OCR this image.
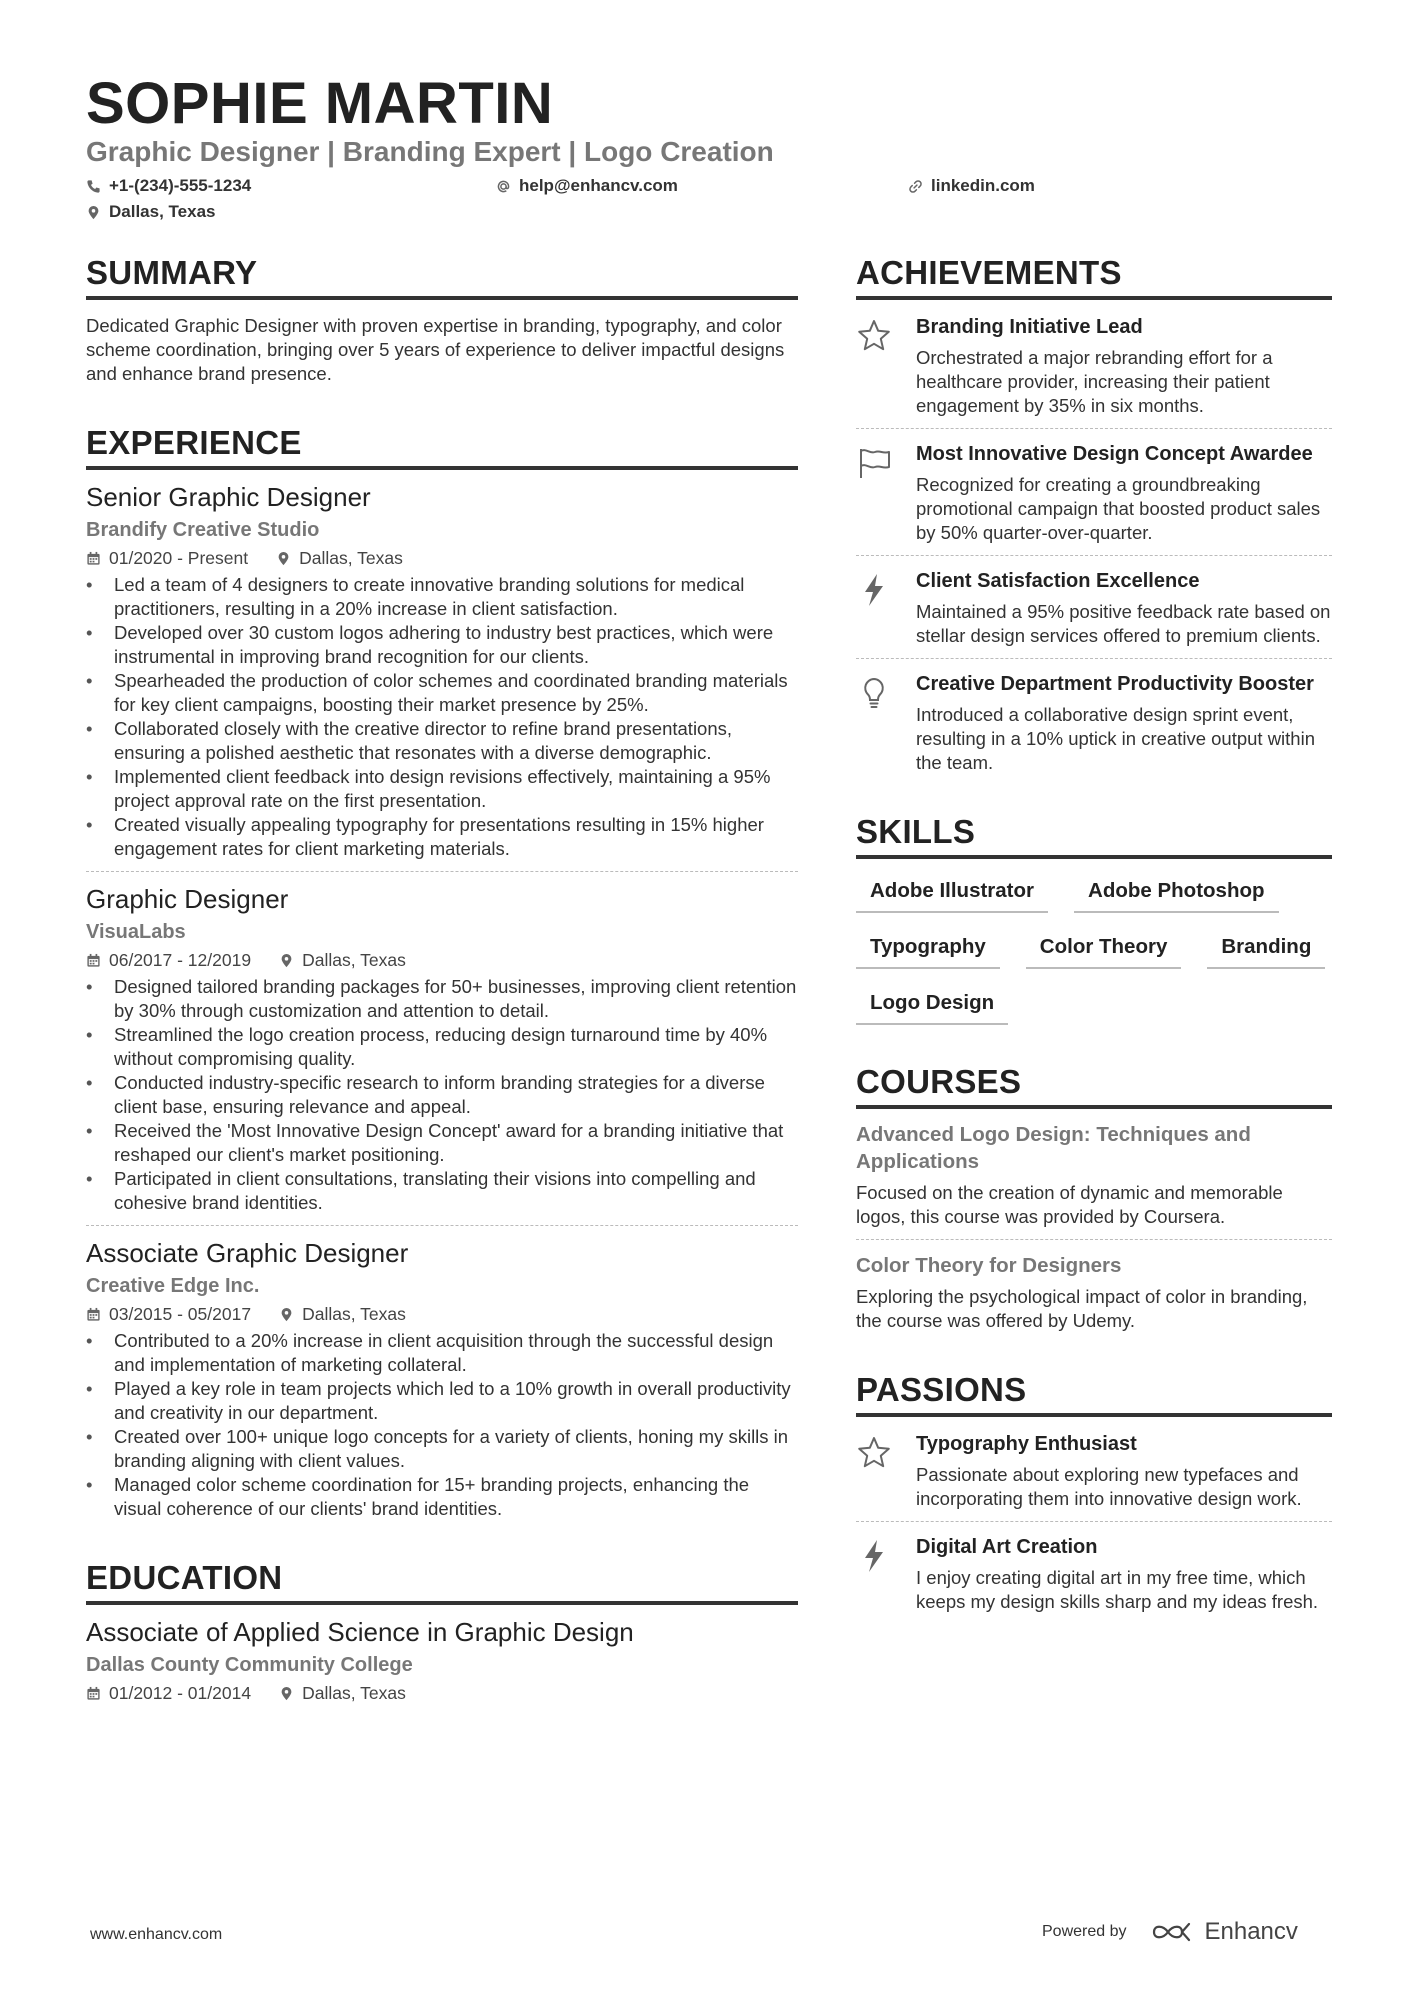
SOPHIE MARTIN
Graphic Designer | Branding Expert | Logo Creation
+1-(234)-555-1234	help@enhancv.com	linkedin.com
Dallas, Texas
SUMMARY

Dedicated Graphic Designer with proven expertise in branding, typography, and color scheme coordination, bringing over 5 years of experience to deliver impactful designs and enhance brand presence.

EXPERIENCE

Senior Graphic Designer

Brandify Creative Studio

01/2020 - Present	Dallas, Texas
• Led a team of 4 designers to create innovative branding solutions for medical practitioners, resulting in a 20% increase in client satisfaction.
• Developed over 30 custom logos adhering to industry best practices, which were instrumental in improving brand recognition for our clients.
• Spearheaded the production of color schemes and coordinated branding materials for key client campaigns, boosting their market presence by 25%.
• Collaborated closely with the creative director to refine brand presentations, ensuring a polished aesthetic that resonates with a diverse demographic.
• Implemented client feedback into design revisions effectively, maintaining a 95% project approval rate on the first presentation.
• Created visually appealing typography for presentations resulting in 15% higher engagement rates for client marketing materials.

Graphic Designer

VisuaLabs

06/2017 - 12/2019	Dallas, Texas
• Designed tailored branding packages for 50+ businesses, improving client retention by 30% through customization and attention to detail.
• Streamlined the logo creation process, reducing design turnaround time by 40% without compromising quality.
• Conducted industry-specific research to inform branding strategies for a diverse client base, ensuring relevance and appeal.
• Received the 'Most Innovative Design Concept' award for a branding initiative that reshaped our client's market positioning.
• Participated in client consultations, translating their visions into compelling and cohesive brand identities.

Associate Graphic Designer

Creative Edge Inc.

03/2015 - 05/2017	Dallas, Texas
• Contributed to a 20% increase in client acquisition through the successful design and implementation of marketing collateral.
• Played a key role in team projects which led to a 10% growth in overall productivity and creativity in our department.
• Created over 100+ unique logo concepts for a variety of clients, honing my skills in branding aligning with client values.
• Managed color scheme coordination for 15+ branding projects, enhancing the visual coherence of our clients' brand identities.
EDUCATION

Associate of Applied Science in Graphic Design

Dallas County Community College

01/2012 - 01/2014	Dallas, Texas
ACHIEVEMENTS

Branding Initiative Lead

Orchestrated a major rebranding effort for a healthcare provider, increasing their patient engagement by 35% in six months.

Most Innovative Design Concept Awardee

Recognized for creating a groundbreaking promotional campaign that boosted product sales by 50% quarter-over-quarter.

Client Satisfaction Excellence

Maintained a 95% positive feedback rate based on stellar design services offered to premium clients.

Creative Department Productivity Booster

Introduced a collaborative design sprint event, resulting in a 10% uptick in creative output within the team.

SKILLS
Adobe Illustrator	Adobe Photoshop
Typography	Color Theory	Branding
Logo Design
COURSES

Advanced Logo Design: Techniques and Applications

Focused on the creation of dynamic and memorable logos, this course was provided by Coursera.

Color Theory for Designers

Exploring the psychological impact of color in branding, the course was offered by Udemy.

PASSIONS

Typography Enthusiast

Passionate about exploring new typefaces and incorporating them into innovative design work.

Digital Art Creation

I enjoy creating digital art in my free time, which keeps my design skills sharp and my ideas fresh.

www.enhancv.com	Powered by	Enhancv
